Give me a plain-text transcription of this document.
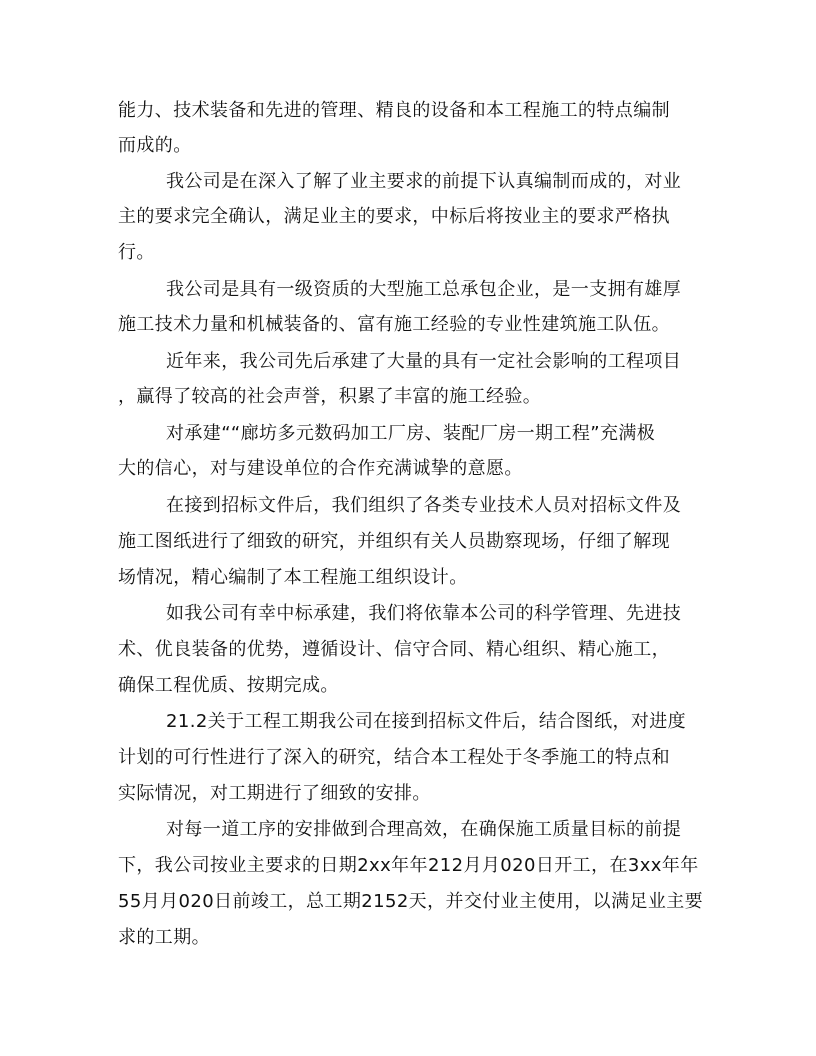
能力、技术装备和先进的管理、精良的设备和本工程施工的特点编制
而成的。
我公司是在深入了解了业主要求的前提下认真编制而成的，对业
主的要求完全确认，满足业主的要求，中标后将按业主的要求严格执
行。
我公司是具有一级资质的大型施工总承包企业，是一支拥有雄厚
施工技术力量和机械装备的、富有施工经验的专业性建筑施工队伍。
近年来，我公司先后承建了大量的具有一定社会影响的工程项目
，赢得了较高的社会声誉，积累了丰富的施工经验。
对承建““廊坊多元数码加工厂房、装配厂房一期工程”充满极
大的信心，对与建设单位的合作充满诚挚的意愿。
在接到招标文件后，我们组织了各类专业技术人员对招标文件及
施工图纸进行了细致的研究，并组织有关人员勘察现场，仔细了解现
场情况，精心编制了本工程施工组织设计。
如我公司有幸中标承建，我们将依靠本公司的科学管理、先进技
术、优良装备的优势，遵循设计、信守合同、精心组织、精心施工，
确保工程优质、按期完成。
21.2关于工程工期我公司在接到招标文件后，结合图纸，对进度
计划的可行性进行了深入的研究，结合本工程处于冬季施工的特点和
实际情况，对工期进行了细致的安排。
对每一道工序的安排做到合理高效，在确保施工质量目标的前提
下，我公司按业主要求的日期2xx年年212月月020日开工，在3xx年年
55月月020日前竣工，总工期2152天，并交付业主使用，以满足业主要
求的工期。
